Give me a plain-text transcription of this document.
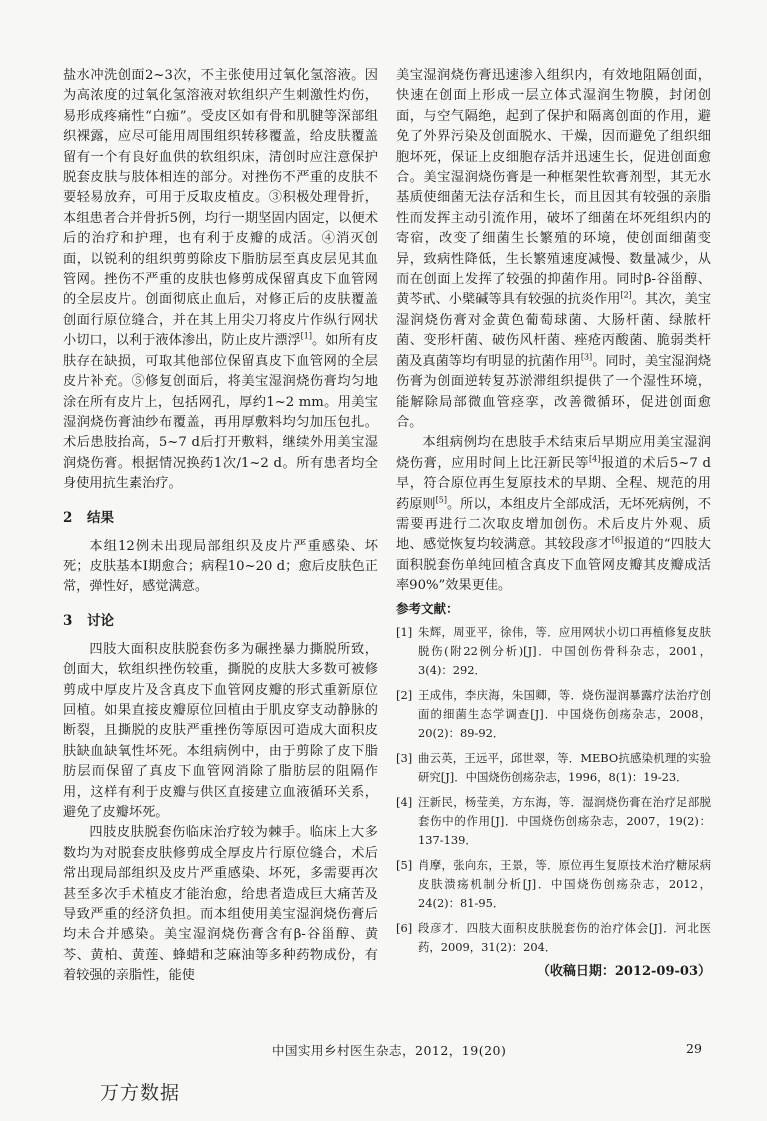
盐水冲洗创面2~3次，不主张使用过氧化氢溶液。因为高浓度的过氧化氢溶液对软组织产生刺激性灼伤，易形成疼痛性“白痂”。受皮区如有骨和肌腱等深部组织裸露，应尽可能用周围组织转移覆盖，给皮肤覆盖留有一个有良好血供的软组织床，清创时应注意保护脱套皮肤与肢体相连的部分。对挫伤不严重的皮肤不要轻易放弃，可用于反取皮植皮。③积极处理骨折，本组患者合并骨折5例，均行一期坚固内固定，以便术后的治疗和护理，也有利于皮瓣的成活。④消灭创面，以锐利的组织剪剪除皮下脂肪层至真皮层见其血管网。挫伤不严重的皮肤也修剪成保留真皮下血管网的全层皮片。创面彻底止血后，对修正后的皮肤覆盖创面行原位缝合，并在其上用尖刀将皮片作纵行网状小切口，以利于液体渗出，防止皮片漂浮[1]。如所有皮肤存在缺损，可取其他部位保留真皮下血管网的全层皮片补充。⑤修复创面后，将美宝湿润烧伤膏均匀地涂在所有皮片上，包括网孔，厚约1~2 mm。用美宝湿润烧伤膏油纱布覆盖，再用厚敷料均匀加压包扎。术后患肢抬高，5~7 d后打开敷料，继续外用美宝湿润烧伤膏。根据情况换药1次/1~2 d。所有患者均全身使用抗生素治疗。

2 结果

本组12例未出现局部组织及皮片严重感染、坏死；皮肤基本Ⅰ期愈合；病程10~20 d；愈后皮肤色正常，弹性好，感觉满意。

3 讨论

四肢大面积皮肤脱套伤多为碾挫暴力撕脱所致，创面大，软组织挫伤较重，撕脱的皮肤大多数可被修剪成中厚皮片及含真皮下血管网皮瓣的形式重新原位回植。如果直接皮瓣原位回植由于肌皮穿支动静脉的断裂，且撕脱的皮肤严重挫伤等原因可造成大面积皮肤缺血缺氧性坏死。本组病例中，由于剪除了皮下脂肪层而保留了真皮下血管网消除了脂肪层的阻隔作用，这样有利于皮瓣与供区直接建立血液循环关系，避免了皮瓣坏死。

四肢皮肤脱套伤临床治疗较为棘手。临床上大多数均为对脱套皮肤修剪成全厚皮片行原位缝合，术后常出现局部组织及皮片严重感染、坏死，多需要再次甚至多次手术植皮才能治愈，给患者造成巨大痛苦及导致严重的经济负担。而本组使用美宝湿润烧伤膏后均未合并感染。美宝湿润烧伤膏含有β-谷甾醇、黄芩、黄柏、黄莲、蜂蜡和芝麻油等多种药物成份，有着较强的亲脂性，能使

美宝湿润烧伤膏迅速渗入组织内，有效地阻隔创面，快速在创面上形成一层立体式湿润生物膜，封闭创面，与空气隔绝，起到了保护和隔离创面的作用，避免了外界污染及创面脱水、干燥，因而避免了组织细胞坏死，保证上皮细胞存活并迅速生长，促进创面愈合。美宝湿润烧伤膏是一种框架性软膏剂型，其无水基质使细菌无法存活和生长，而且因其有较强的亲脂性而发挥主动引流作用，破坏了细菌在坏死组织内的寄宿，改变了细菌生长繁殖的环境，使创面细菌变异，致病性降低，生长繁殖速度减慢、数量减少，从而在创面上发挥了较强的抑菌作用。同时β-谷甾醇、黄芩甙、小檗碱等具有较强的抗炎作用[2]。其次，美宝湿润烧伤膏对金黄色葡萄球菌、大肠杆菌、绿脓杆菌、变形杆菌、破伤风杆菌、痤疮丙酸菌、脆弱类杆菌及真菌等均有明显的抗菌作用[3]。同时，美宝湿润烧伤膏为创面逆转复苏淤滞组织提供了一个湿性环境，能解除局部微血管痉挛，改善微循环，促进创面愈合。

本组病例均在患肢手术结束后早期应用美宝湿润烧伤膏，应用时间上比汪新民等[4]报道的术后5~7 d早，符合原位再生复原技术的早期、全程、规范的用药原则[5]。所以，本组皮片全部成活，无坏死病例，不需要再进行二次取皮增加创伤。术后皮片外观、质地、感觉恢复均较满意。其较段彦才[6]报道的“四肢大面积脱套伤单纯回植含真皮下血管网皮瓣其皮瓣成活率90%”效果更佳。

参考文献：
[1] 朱辉，周亚平，徐伟，等．应用网状小切口再植修复皮肤脱伤(附22例分析)[J]．中国创伤骨科杂志，2001，3(4)：292．
[2] 王成伟，李庆海，朱国卿，等．烧伤湿润暴露疗法治疗创面的细菌生态学调查[J]．中国烧伤创疡杂志，2008，20(2)：89-92．
[3] 曲云英，王远平，邱世翠，等．MEBO抗感染机理的实验研究[J]．中国烧伤创疡杂志，1996，8(1)：19-23．
[4] 汪新民，杨莹美，方东海，等．湿润烧伤膏在治疗足部脱套伤中的作用[J]．中国烧伤创疡杂志，2007，19(2)：137-139．
[5] 肖摩，张向东，王景，等．原位再生复原技术治疗糖尿病皮肤溃疡机制分析[J]．中国烧伤创疡杂志，2012，24(2)：81-95．
[6] 段彦才．四肢大面积皮肤脱套伤的治疗体会[J]．河北医药，2009，31(2)：204．
（收稿日期：2012-09-03）
中国实用乡村医生杂志，2012，19(20)	29
万方数据
